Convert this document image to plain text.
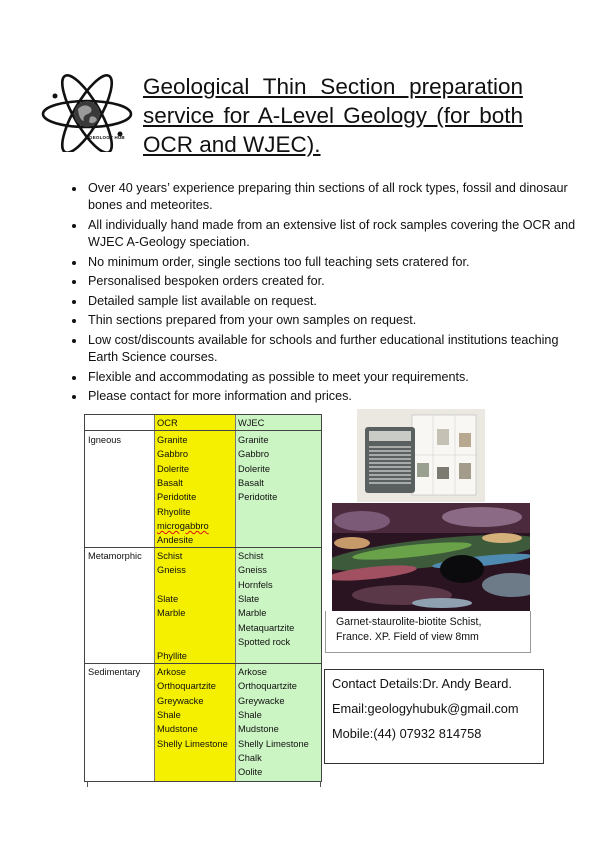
GEOLOGY HUB
Geological Thin Section preparation service for A-Level Geology (for both OCR and WJEC).
• Over 40 years’ experience preparing thin sections of all rock types, fossil and dinosaur bones and meteorites.
• All individually hand made from an extensive list of rock samples covering the OCR and WJEC A-Geology speciation.
• No minimum order, single sections too full teaching sets cratered for.
• Personalised bespoken orders created for.
• Detailed sample list available on request.
• Thin sections prepared from your own samples on request.
• Low cost/discounts available for schools and further educational institutions teaching Earth Science courses.
• Flexible and accommodating as possible to meet your requirements.
• Please contact for more information and prices.
OCR	WJEC
Igneous	Granite
Gabbro
Dolerite
Basalt
Peridotite
Rhyolite
microgabbro
Andesite
Granite
Gabbro
Dolerite
Basalt
Peridotite
Metamorphic Schist
Gneiss
Slate
Marble
Phyllite
Schist
Gneiss
Hornfels
Slate
Marble
Metaquartzite
Spotted rock
Sedimentary Arkose
Orthoquartzite
Greywacke
Shale
Mudstone
Shelly Limestone
Arkose
Orthoquartzite
Greywacke
Shale
Mudstone
Shelly Limestone
Chalk
Oolite
Garnet-staurolite-biotite Schist,
France. XP. Field of view 8mm
Contact Details:Dr. Andy Beard.
Email:geologyhubuk@gmail.com
Mobile:(44) 07932 814758
